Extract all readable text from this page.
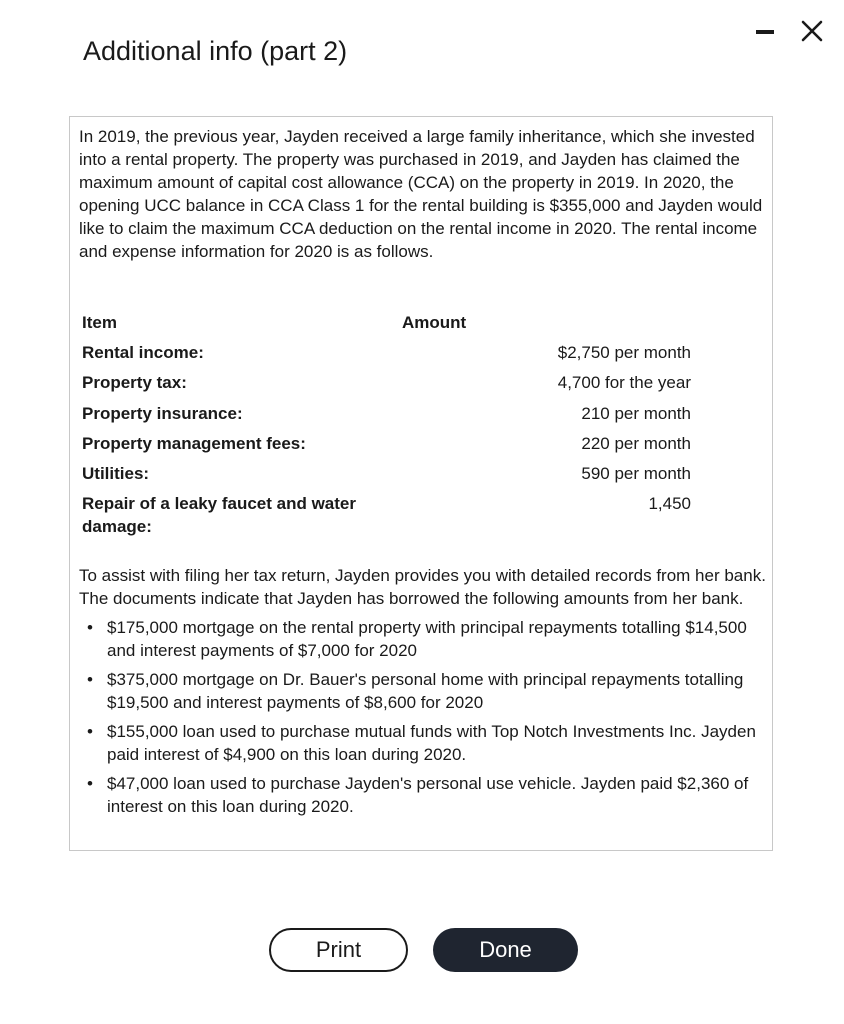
Additional info (part 2)

In 2019, the previous year, Jayden received a large family inheritance, which she invested into a rental property. The property was purchased in 2019, and Jayden has claimed the maximum amount of capital cost allowance (CCA) on the property in 2019. In 2020, the opening UCC balance in CCA Class 1 for the rental building is $355,000 and Jayden would like to claim the maximum CCA deduction on the rental income in 2020. The rental income and expense information for 2020 is as follows.

Item	Amount
Rental income:	$2,750 per month
Property tax:	4,700 for the year
Property insurance:	210 per month
Property management fees:	220 per month
Utilities:	590 per month
Repair of a leaky faucet and water damage:	1,450

To assist with filing her tax return, Jayden provides you with detailed records from her bank. The documents indicate that Jayden has borrowed the following amounts from her bank.

• $175,000 mortgage on the rental property with principal repayments totalling $14,500 and interest payments of $7,000 for 2020
• $375,000 mortgage on Dr. Bauer's personal home with principal repayments totalling $19,500 and interest payments of $8,600 for 2020
• $155,000 loan used to purchase mutual funds with Top Notch Investments Inc. Jayden paid interest of $4,900 on this loan during 2020.
• $47,000 loan used to purchase Jayden's personal use vehicle. Jayden paid $2,360 of interest on this loan during 2020.
Print	Done
